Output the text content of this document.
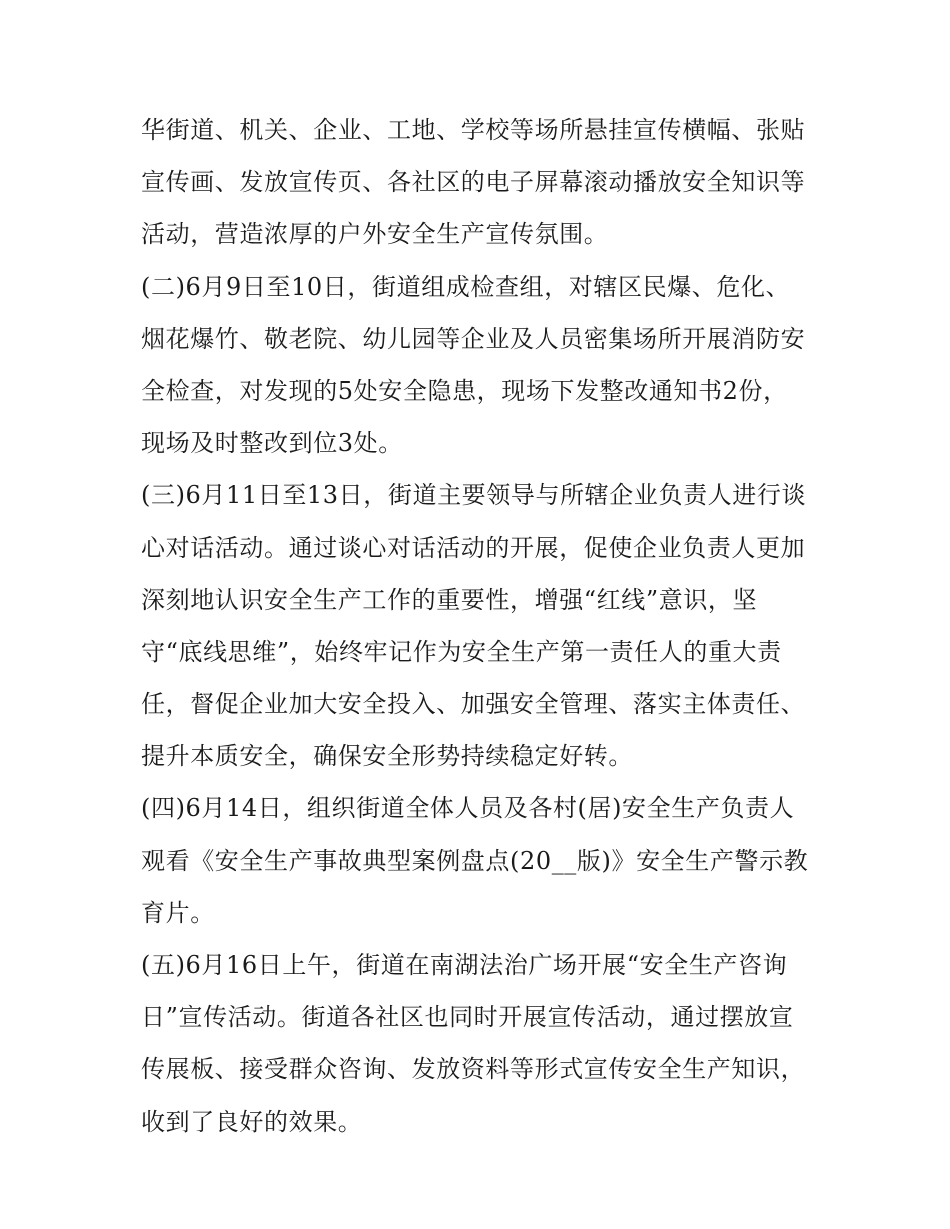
华街道、机关、企业、工地、学校等场所悬挂宣传横幅、张贴
宣传画、发放宣传页、各社区的电子屏幕滚动播放安全知识等
活动，营造浓厚的户外安全生产宣传氛围。
(二)6月9日至10日，街道组成检查组，对辖区民爆、危化、
烟花爆竹、敬老院、幼儿园等企业及人员密集场所开展消防安
全检查，对发现的5处安全隐患，现场下发整改通知书2份，
现场及时整改到位3处。
(三)6月11日至13日，街道主要领导与所辖企业负责人进行谈
心对话活动。通过谈心对话活动的开展，促使企业负责人更加
深刻地认识安全生产工作的重要性，增强“红线”意识，坚
守“底线思维”，始终牢记作为安全生产第一责任人的重大责
任，督促企业加大安全投入、加强安全管理、落实主体责任、
提升本质安全，确保安全形势持续稳定好转。
(四)6月14日，组织街道全体人员及各村(居)安全生产负责人
观看《安全生产事故典型案例盘点(20__版)》安全生产警示教
育片。
(五)6月16日上午，街道在南湖法治广场开展“安全生产咨询
日”宣传活动。街道各社区也同时开展宣传活动，通过摆放宣
传展板、接受群众咨询、发放资料等形式宣传安全生产知识，
收到了良好的效果。
